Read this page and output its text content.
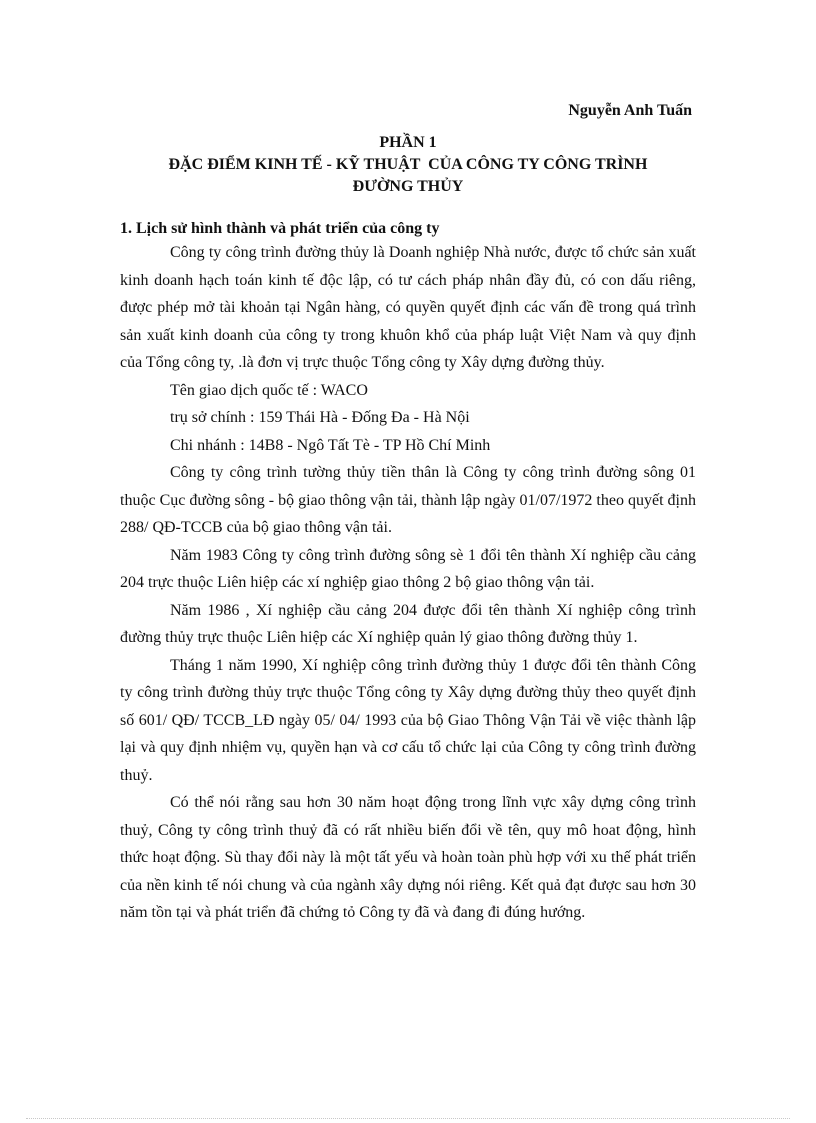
Nguyễn Anh Tuấn
PHẦN 1
ĐẶC ĐIỂM KINH TẾ - KỸ THUẬT  CỦA CÔNG TY CÔNG TRÌNH
ĐƯỜNG THỦY
1. Lịch sử hình thành và phát triển của công ty

Công ty công trình đường thủy là Doanh nghiệp Nhà nước, được tổ chức sản xuất kinh doanh hạch toán kinh tế độc lập, có tư cách pháp nhân đầy đủ, có con dấu riêng, được phép mở tài khoản tại Ngân hàng, có quyền quyết định các vấn đề trong quá trình sản xuất kinh doanh của công ty trong khuôn khổ của pháp luật Việt Nam và quy định của Tổng công ty, .là đơn vị trực thuộc Tổng công ty Xây dựng đường thủy.

Tên giao dịch quốc tế : WACO

trụ sở chính : 159 Thái Hà - Đống Đa - Hà Nội

Chi nhánh : 14B8 - Ngô Tất Tè - TP Hồ Chí Minh

Công ty công trình tường thủy tiền thân là Công ty công trình đường sông 01 thuộc Cục đường sông - bộ giao thông vận tải, thành lập ngày 01/07/1972 theo quyết định 288/ QĐ-TCCB của bộ giao thông vận tải.

Năm 1983 Công ty công trình đường sông sè 1 đổi tên thành Xí nghiệp cầu cảng 204 trực thuộc Liên hiệp các xí nghiệp giao thông 2 bộ giao thông vận tải.

Năm 1986 , Xí nghiệp cầu cảng 204 được đổi tên thành Xí nghiệp công trình đường thủy trực thuộc Liên hiệp các Xí nghiệp quản lý giao thông đường thủy 1.

Tháng 1 năm 1990, Xí nghiệp công trình đường thủy 1 được đổi tên thành Công ty công trình đường thủy trực thuộc Tổng công ty Xây dựng đường thủy theo quyết định số 601/ QĐ/ TCCB_LĐ ngày 05/ 04/ 1993 của bộ Giao Thông Vận Tải về việc thành lập lại và quy định nhiệm vụ, quyền hạn và cơ cấu tổ chức lại của Công ty công trình đường thuỷ.

Có thể nói rằng sau hơn 30 năm hoạt động trong lĩnh vực xây dựng công trình thuỷ, Công ty công trình thuỷ đã có rất nhiều biến đổi về tên, quy mô hoat động, hình thức hoạt động. Sù thay đổi này là một tất yếu và hoàn toàn phù hợp với xu thế phát triển của nền kinh tế nói chung và của ngành xây dựng nói riêng. Kết quả đạt được sau hơn 30 năm tồn tại và phát triển đã chứng tỏ Công ty đã và đang đi đúng hướng.
